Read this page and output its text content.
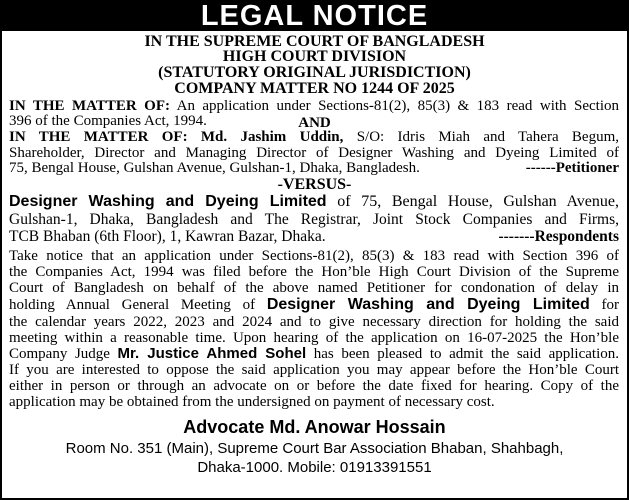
LEGAL NOTICE
IN THE SUPREME COURT OF BANGLADESH
HIGH COURT DIVISION
(STATUTORY ORIGINAL JURISDICTION)
COMPANY MATTER NO 1244 OF 2025
IN THE MATTER OF: An application under Sections-81(2), 85(3) & 183 read with Section
396 of the Companies Act, 1994.	AND
IN THE MATTER OF: Md. Jashim Uddin, S/O: Idris Miah and Tahera Begum,
Shareholder, Director and Managing Director of Designer Washing and Dyeing Limited of
75, Bengal House, Gulshan Avenue, Gulshan-1, Dhaka, Bangladesh.	------Petitioner
-VERSUS-
Designer Washing and Dyeing Limited of 75, Bengal House, Gulshan Avenue,
Gulshan-1, Dhaka, Bangladesh and The Registrar, Joint Stock Companies and Firms,
TCB Bhaban (6th Floor), 1, Kawran Bazar, Dhaka.	-------Respondents
Take notice that an application under Sections-81(2), 85(3) & 183 read with Section 396 of
the Companies Act, 1994 was filed before the Hon’ble High Court Division of the Supreme
Court of Bangladesh on behalf of the above named Petitioner for condonation of delay in
holding Annual General Meeting of Designer Washing and Dyeing Limited for
the calendar years 2022, 2023 and 2024 and to give necessary direction for holding the said
meeting within a reasonable time. Upon hearing of the application on 16-07-2025 the Hon’ble
Company Judge Mr. Justice Ahmed Sohel has been pleased to admit the said application.
If you are interested to oppose the said application you may appear before the Hon’ble Court
either in person or through an advocate on or before the date fixed for hearing. Copy of the
application may be obtained from the undersigned on payment of necessary cost.
Advocate Md. Anowar Hossain
Room No. 351 (Main), Supreme Court Bar Association Bhaban, Shahbagh,
Dhaka-1000. Mobile: 01913391551
